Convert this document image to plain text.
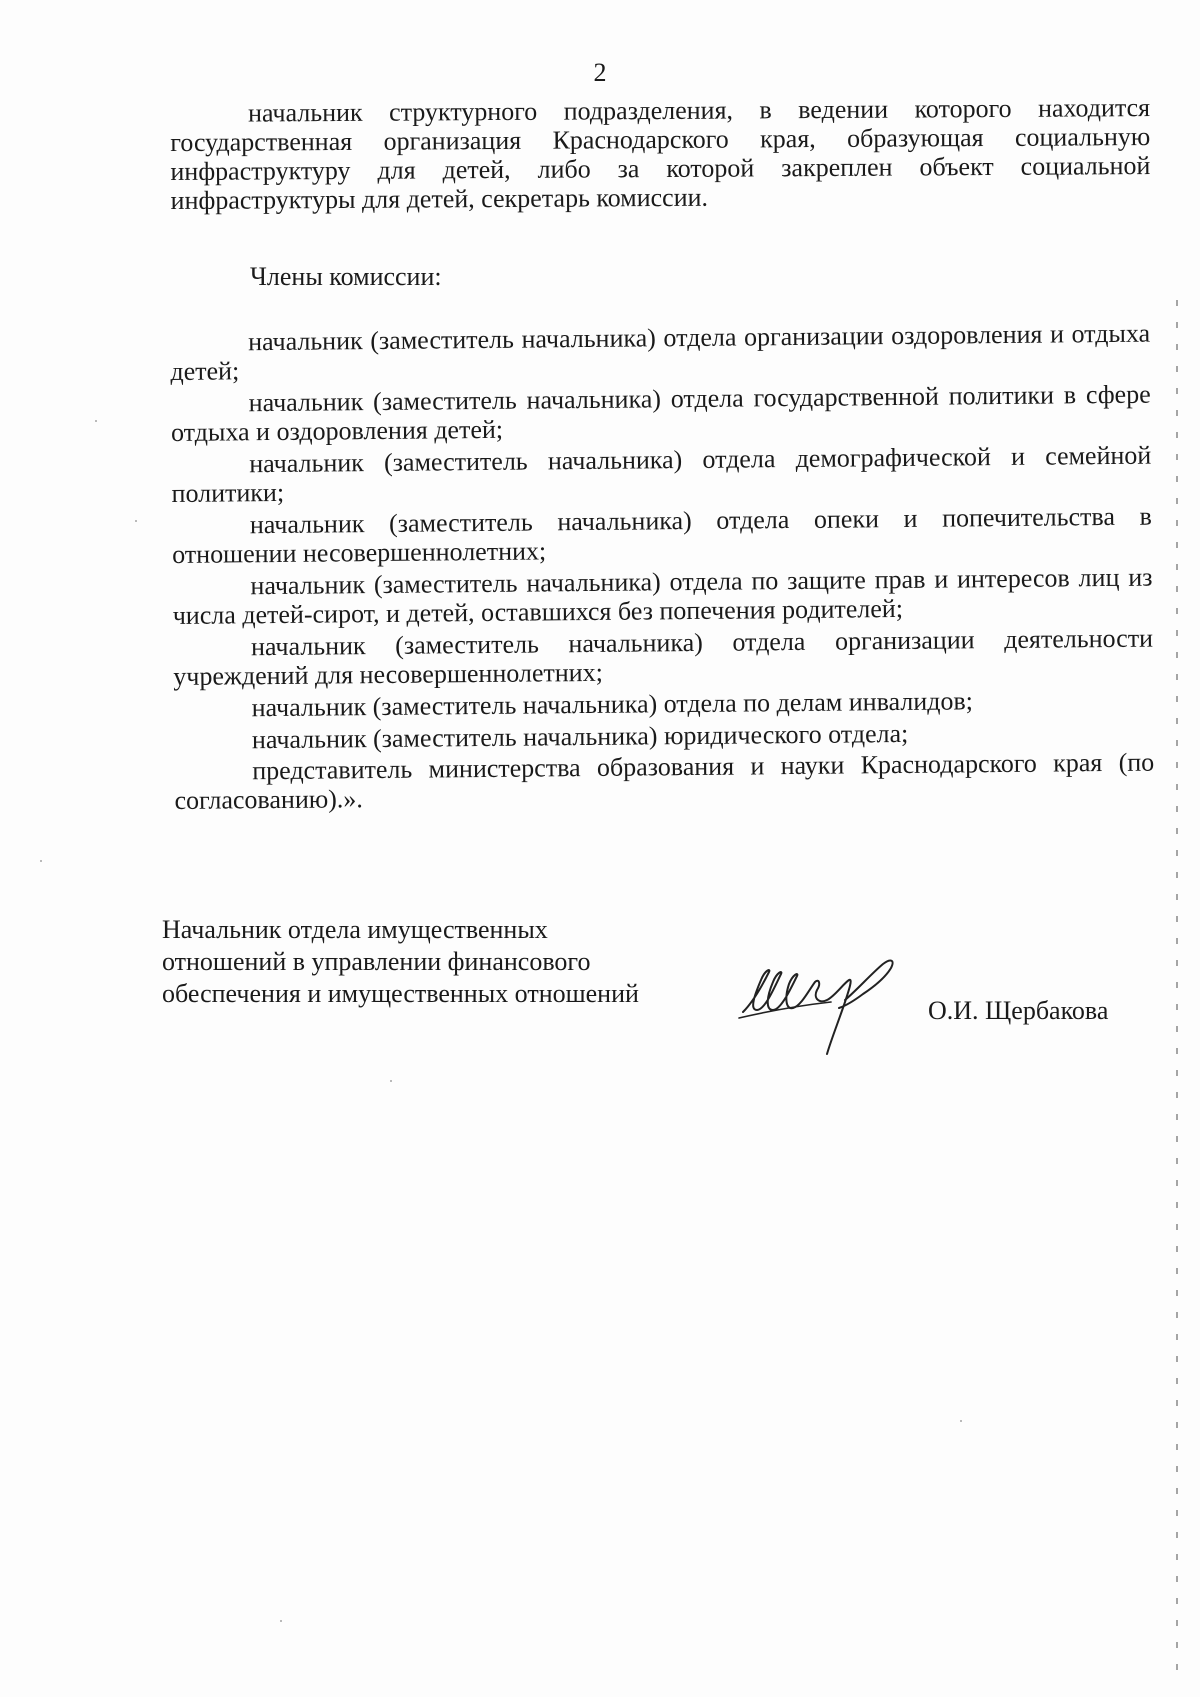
2

начальник структурного подразделения, в ведении которого находится государственная организация Краснодарского края, образующая социальную инфраструктуру для детей, либо за которой закреплен объект социальной инфраструктуры для детей, секретарь комиссии.

Члены комиссии:

начальник (заместитель начальника) отдела организации оздоровления и отдыха детей;

начальник (заместитель начальника) отдела государственной политики в сфере отдыха и оздоровления детей;

начальник (заместитель начальника) отдела демографической и семейной политики;

начальник (заместитель начальника) отдела опеки и попечительства в отношении несовершеннолетних;

начальник (заместитель начальника) отдела по защите прав и интересов лиц из числа детей-сирот, и детей, оставшихся без попечения родителей;

начальник (заместитель начальника) отдела организации деятельности учреждений для несовершеннолетних;

начальник (заместитель начальника) отдела по делам инвалидов;

начальник (заместитель начальника) юридического отдела;

представитель министерства образования и науки Краснодарского края (по согласованию).».

Начальник отдела имущественных
отношений в управлении финансового
обеспечения и имущественных отношений
О.И. Щербакова
